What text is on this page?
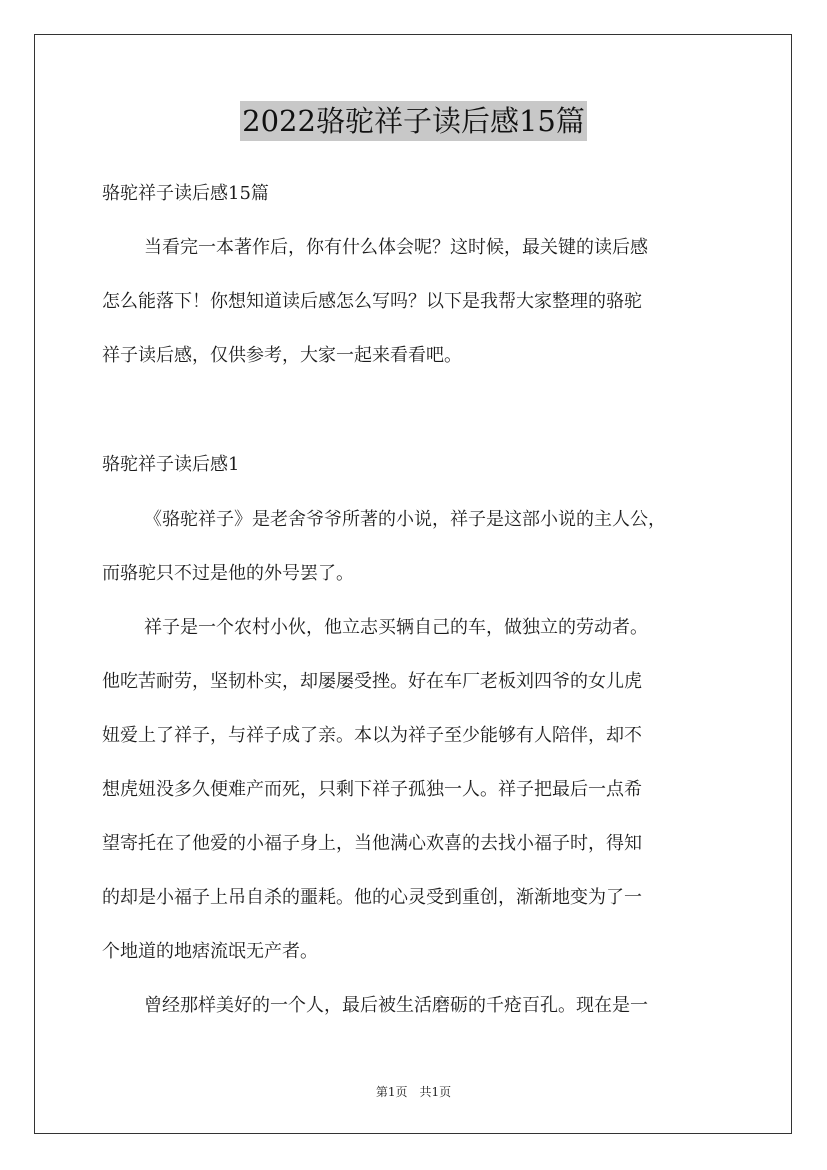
2022骆驼祥子读后感15篇
骆驼祥子读后感15篇
当看完一本著作后，你有什么体会呢？这时候，最关键的读后感
怎么能落下！你想知道读后感怎么写吗？以下是我帮大家整理的骆驼
祥子读后感，仅供参考，大家一起来看看吧。
骆驼祥子读后感1
《骆驼祥子》是老舍爷爷所著的小说，祥子是这部小说的主人公，
而骆驼只不过是他的外号罢了。
祥子是一个农村小伙，他立志买辆自己的车，做独立的劳动者。
他吃苦耐劳，坚韧朴实，却屡屡受挫。好在车厂老板刘四爷的女儿虎
妞爱上了祥子，与祥子成了亲。本以为祥子至少能够有人陪伴，却不
想虎妞没多久便难产而死，只剩下祥子孤独一人。祥子把最后一点希
望寄托在了他爱的小福子身上，当他满心欢喜的去找小福子时，得知
的却是小福子上吊自杀的噩耗。他的心灵受到重创，渐渐地变为了一
个地道的地痞流氓无产者。
曾经那样美好的一个人，最后被生活磨砺的千疮百孔。现在是一
第1页 共1页
